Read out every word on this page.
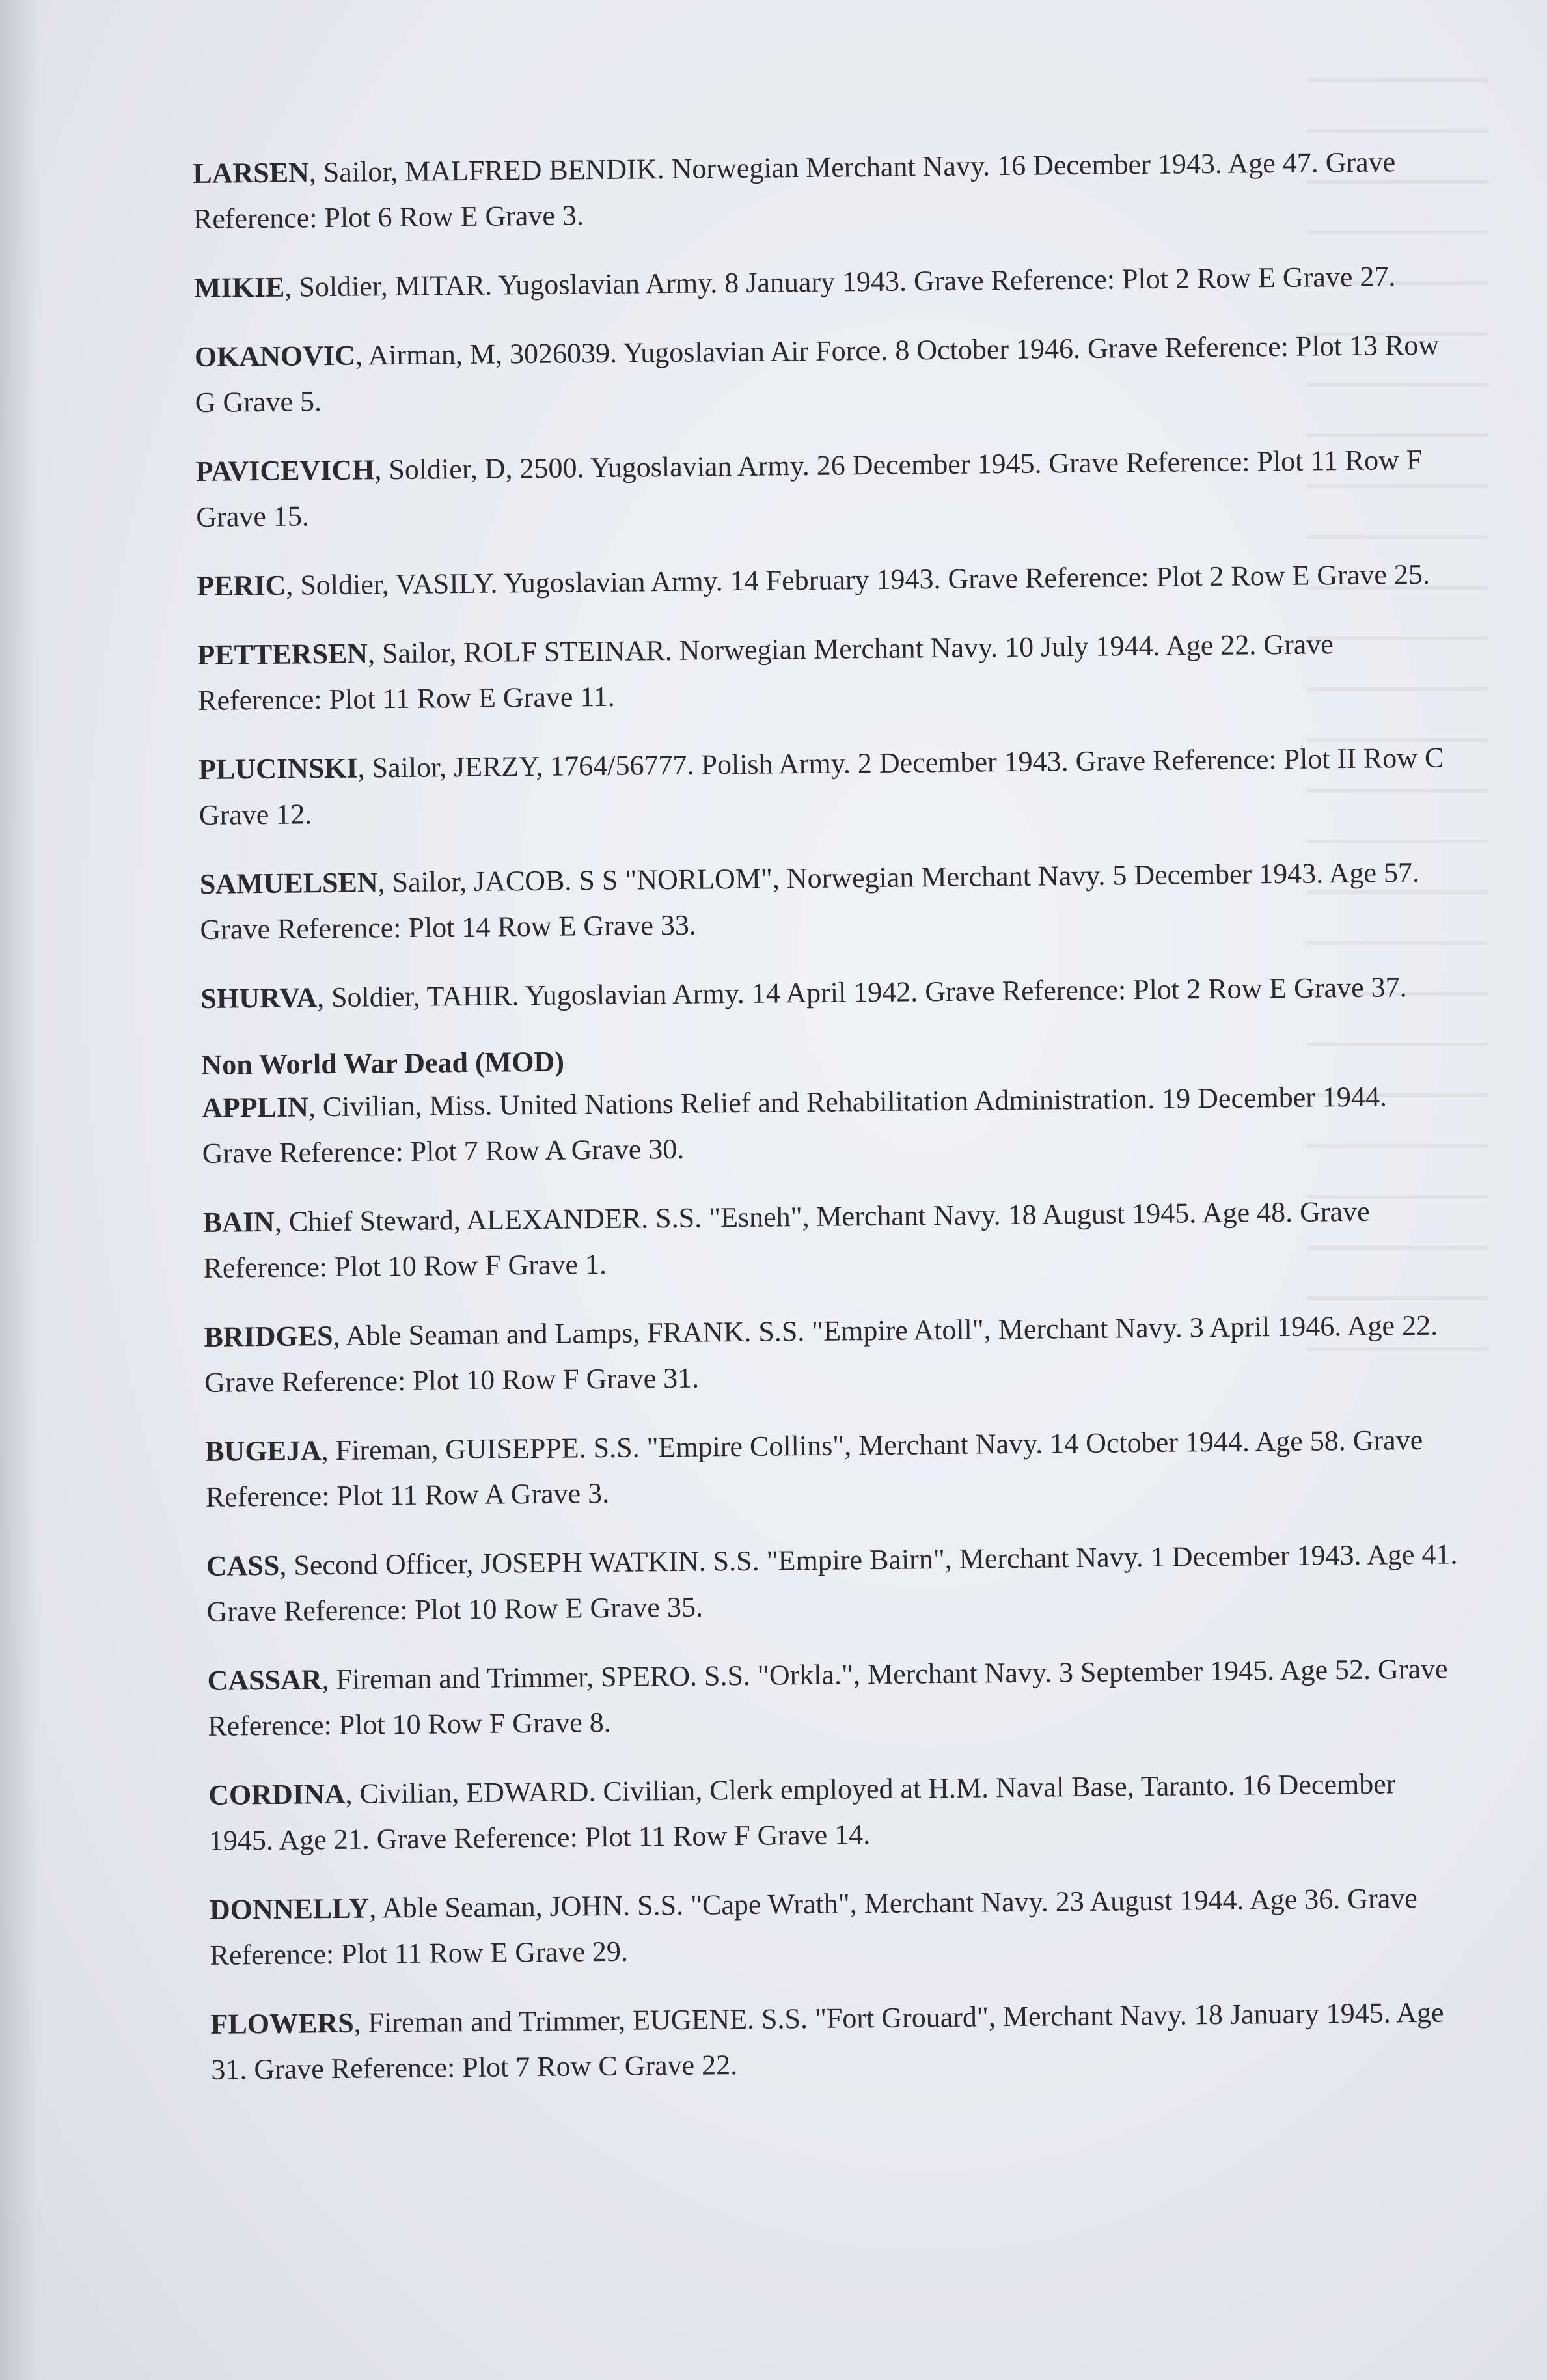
LARSEN, Sailor, MALFRED BENDIK. Norwegian Merchant Navy. 16 December 1943. Age 47. Grave Reference: Plot 6 Row E Grave 3.

MIKIE, Soldier, MITAR. Yugoslavian Army. 8 January 1943. Grave Reference: Plot 2 Row E Grave 27.

OKANOVIC, Airman, M, 3026039. Yugoslavian Air Force. 8 October 1946. Grave Reference: Plot 13 Row G Grave 5.

PAVICEVICH, Soldier, D, 2500. Yugoslavian Army. 26 December 1945. Grave Reference: Plot 11 Row F Grave 15.

PERIC, Soldier, VASILY. Yugoslavian Army. 14 February 1943. Grave Reference: Plot 2 Row E Grave 25.

PETTERSEN, Sailor, ROLF STEINAR. Norwegian Merchant Navy. 10 July 1944. Age 22. Grave Reference: Plot 11 Row E Grave 11.

PLUCINSKI, Sailor, JERZY, 1764/56777. Polish Army. 2 December 1943. Grave Reference: Plot II Row C Grave 12.

SAMUELSEN, Sailor, JACOB. S S "NORLOM", Norwegian Merchant Navy. 5 December 1943. Age 57. Grave Reference: Plot 14 Row E Grave 33.

SHURVA, Soldier, TAHIR. Yugoslavian Army. 14 April 1942. Grave Reference: Plot 2 Row E Grave 37.

Non World War Dead (MOD)

APPLIN, Civilian, Miss. United Nations Relief and Rehabilitation Administration. 19 December 1944. Grave Reference: Plot 7 Row A Grave 30.

BAIN, Chief Steward, ALEXANDER. S.S. "Esneh", Merchant Navy. 18 August 1945. Age 48. Grave Reference: Plot 10 Row F Grave 1.

BRIDGES, Able Seaman and Lamps, FRANK. S.S. "Empire Atoll", Merchant Navy. 3 April 1946. Age 22. Grave Reference: Plot 10 Row F Grave 31.

BUGEJA, Fireman, GUISEPPE. S.S. "Empire Collins", Merchant Navy. 14 October 1944. Age 58. Grave Reference: Plot 11 Row A Grave 3.

CASS, Second Officer, JOSEPH WATKIN. S.S. "Empire Bairn", Merchant Navy. 1 December 1943. Age 41. Grave Reference: Plot 10 Row E Grave 35.

CASSAR, Fireman and Trimmer, SPERO. S.S. "Orkla.", Merchant Navy. 3 September 1945. Age 52. Grave Reference: Plot 10 Row F Grave 8.

CORDINA, Civilian, EDWARD. Civilian, Clerk employed at H.M. Naval Base, Taranto. 16 December 1945. Age 21. Grave Reference: Plot 11 Row F Grave 14.

DONNELLY, Able Seaman, JOHN. S.S. "Cape Wrath", Merchant Navy. 23 August 1944. Age 36. Grave Reference: Plot 11 Row E Grave 29.

FLOWERS, Fireman and Trimmer, EUGENE. S.S. "Fort Grouard", Merchant Navy. 18 January 1945. Age 31. Grave Reference: Plot 7 Row C Grave 22.
